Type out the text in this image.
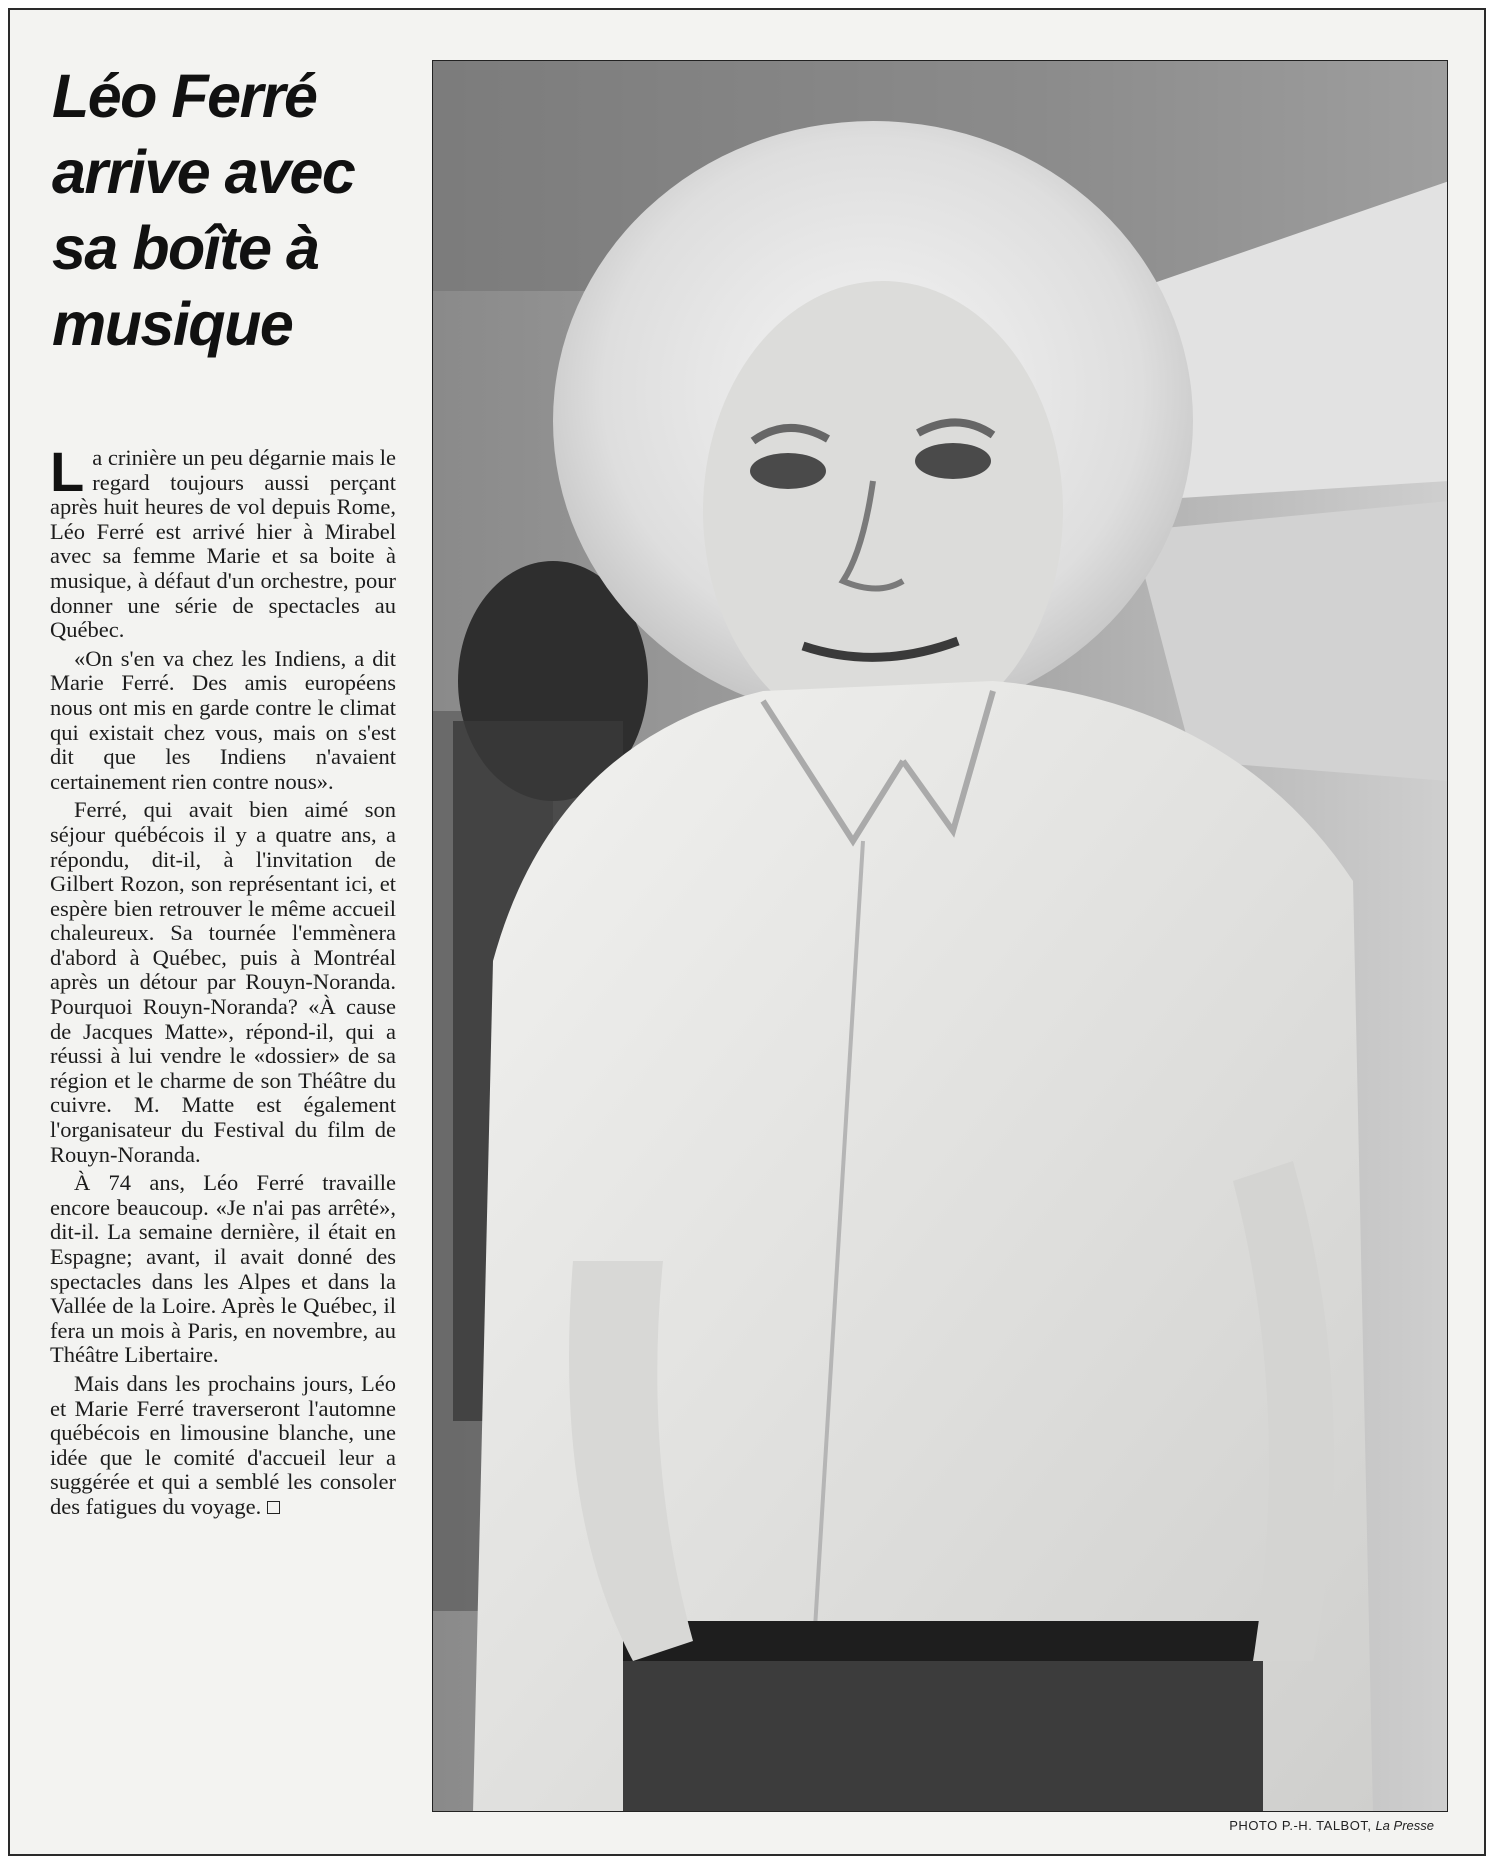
Léo Ferré arrive avec sa boîte à musique

La crinière un peu dégarnie mais le regard toujours aussi perçant après huit heures de vol depuis Rome, Léo Ferré est arrivé hier à Mirabel avec sa femme Marie et sa boite à musique, à défaut d'un orchestre, pour donner une série de spectacles au Québec.

«On s'en va chez les Indiens, a dit Marie Ferré. Des amis européens nous ont mis en garde contre le climat qui existait chez vous, mais on s'est dit que les Indiens n'avaient certainement rien contre nous».

Ferré, qui avait bien aimé son séjour québécois il y a quatre ans, a répondu, dit-il, à l'invitation de Gilbert Rozon, son représentant ici, et espère bien retrouver le même accueil chaleureux. Sa tournée l'emmènera d'abord à Québec, puis à Montréal après un détour par Rouyn-Noranda. Pourquoi Rouyn-Noranda? «À cause de Jacques Matte», répond-il, qui a réussi à lui vendre le «dossier» de sa région et le charme de son Théâtre du cuivre. M. Matte est également l'organisateur du Festival du film de Rouyn-Noranda.

À 74 ans, Léo Ferré travaille encore beaucoup. «Je n'ai pas arrêté», dit-il. La semaine dernière, il était en Espagne; avant, il avait donné des spectacles dans les Alpes et dans la Vallée de la Loire. Après le Québec, il fera un mois à Paris, en novembre, au Théâtre Libertaire.

Mais dans les prochains jours, Léo et Marie Ferré traverseront l'automne québécois en limousine blanche, une idée que le comité d'accueil leur a suggérée et qui a semblé les consoler des fatigues du voyage.

PHOTO P.-H. TALBOT, La Presse
